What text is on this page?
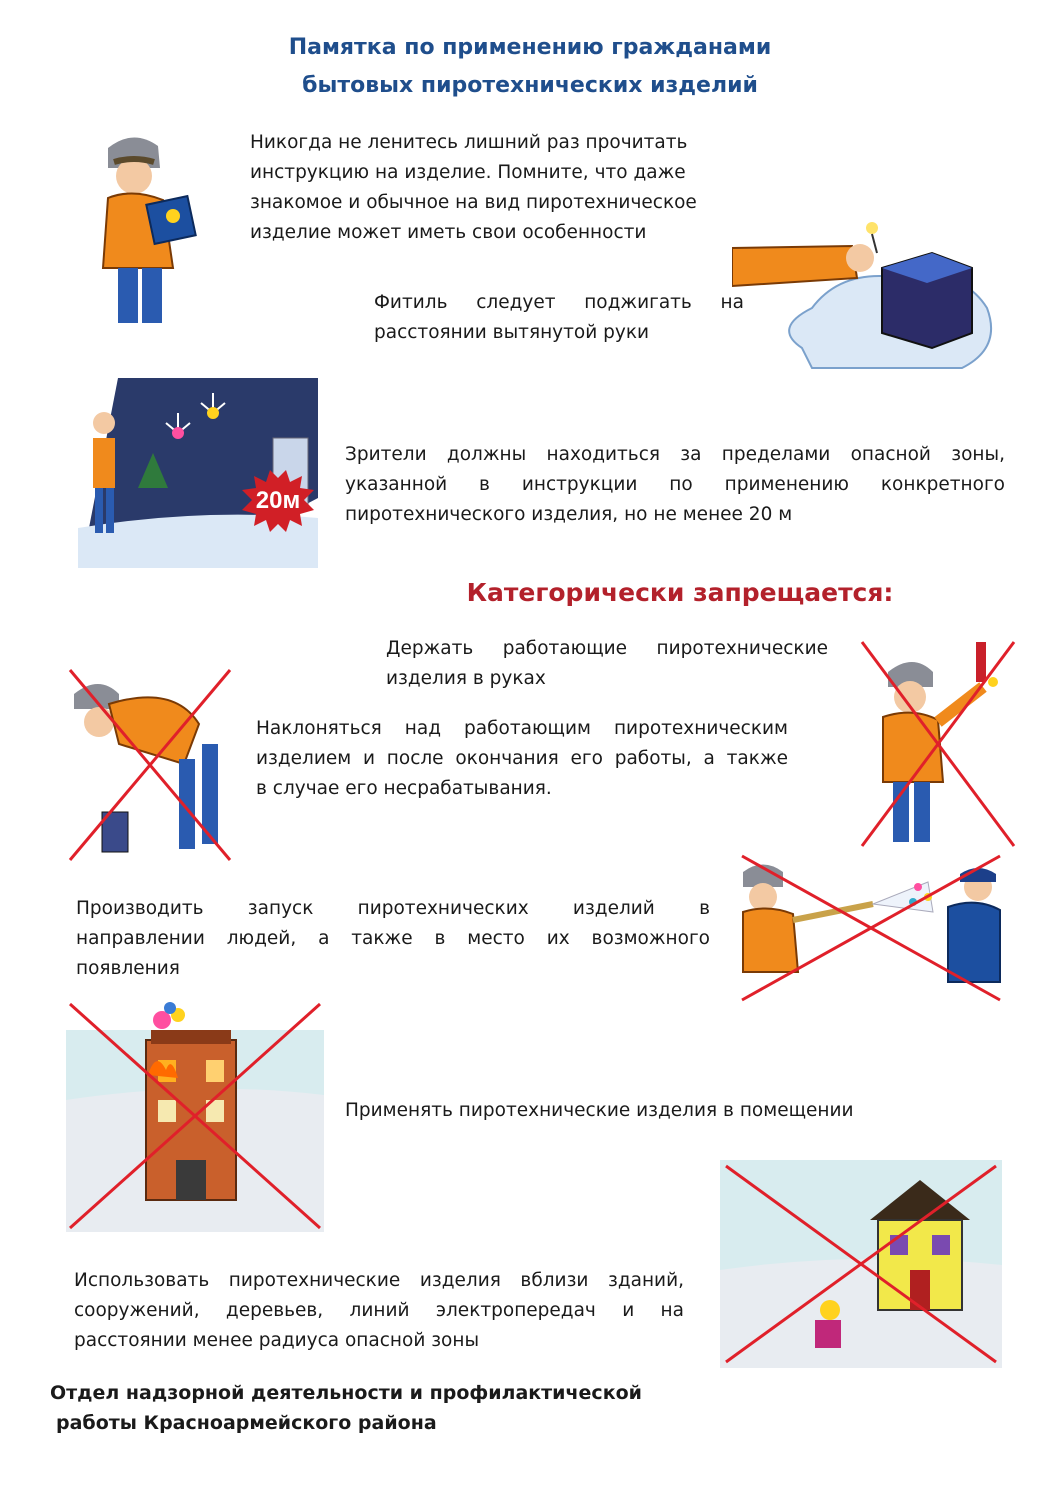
Памятка по применению гражданами
бытовых пиротехнических изделий
Никогда не ленитесь лишний раз прочитать
инструкцию на изделие. Помните, что даже
знакомое и обычное на вид пиротехническое
изделие может иметь свои особенности
Фитиль следует поджигать на
расстоянии вытянутой руки
20м
Зрители должны находиться за пределами опасной зоны,
указанной в инструкции по применению конкретного
пиротехнического изделия, но не менее 20 м
Категорически запрещается:
Держать работающие пиротехнические
изделия в руках
Наклоняться над работающим пиротехническим
изделием и после окончания его работы, а также
в случае его несрабатывания.
Производить запуск пиротехнических изделий в
направлении людей, а также в место их возможного
появления
Применять пиротехнические изделия в помещении
Использовать пиротехнические изделия вблизи зданий,
сооружений, деревьев, линий электропередач и на
расстоянии менее радиуса опасной зоны
Отдел надзорной деятельности и профилактической
работы Красноармейского района
